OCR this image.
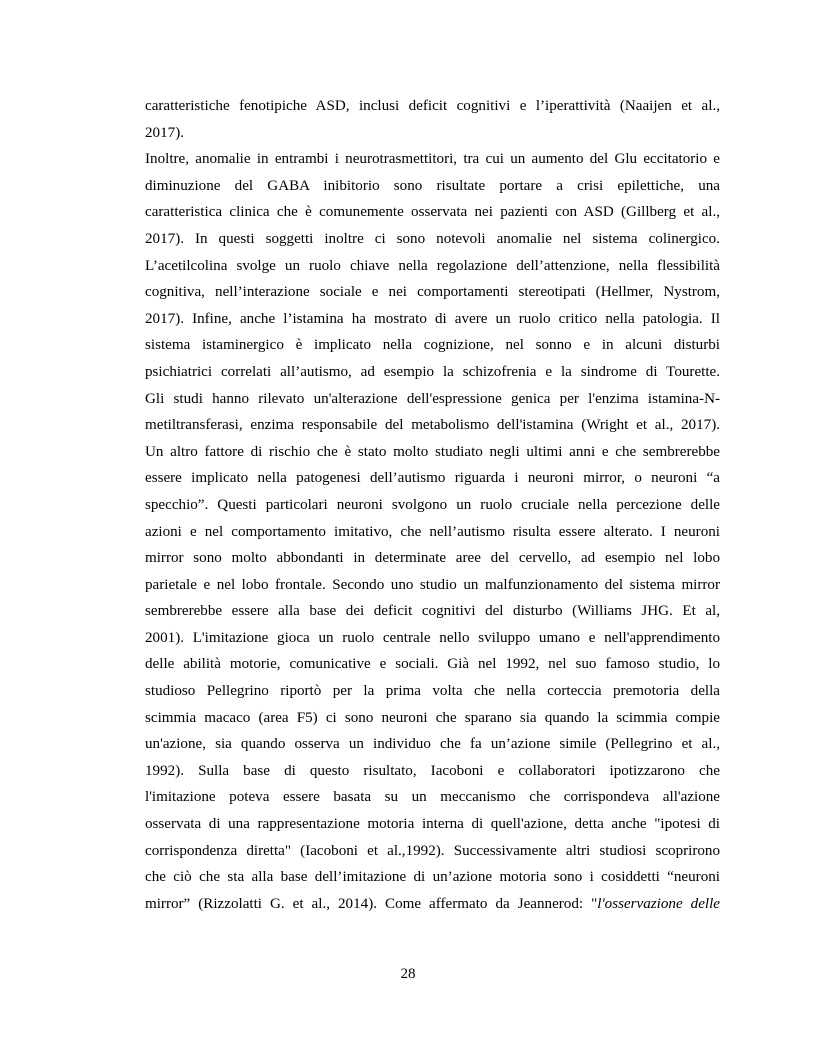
caratteristiche fenotipiche ASD, inclusi deficit cognitivi e l’iperattività (Naaijen et al.,
2017).
Inoltre, anomalie in entrambi i neurotrasmettitori, tra cui un aumento del Glu eccitatorio e
diminuzione del GABA inibitorio sono risultate portare a crisi epilettiche, una
caratteristica clinica che è comunemente osservata nei pazienti con ASD (Gillberg et al.,
2017). In questi soggetti inoltre ci sono notevoli anomalie nel sistema colinergico.
L’acetilcolina svolge un ruolo chiave nella regolazione dell’attenzione, nella flessibilità
cognitiva, nell’interazione sociale e nei comportamenti stereotipati (Hellmer, Nystrom,
2017). Infine, anche l’istamina ha mostrato di avere un ruolo critico nella patologia. Il
sistema istaminergico è implicato nella cognizione, nel sonno e in alcuni disturbi
psichiatrici correlati all’autismo, ad esempio la schizofrenia e la sindrome di Tourette.
Gli studi hanno rilevato un'alterazione dell'espressione genica per l'enzima istamina-N-
metiltransferasi, enzima responsabile del metabolismo dell'istamina (Wright et al., 2017).
Un altro fattore di rischio che è stato molto studiato negli ultimi anni e che sembrerebbe
essere implicato nella patogenesi dell’autismo riguarda i neuroni mirror, o neuroni “a
specchio”. Questi particolari neuroni svolgono un ruolo cruciale nella percezione delle
azioni e nel comportamento imitativo, che nell’autismo risulta essere alterato. I neuroni
mirror sono molto abbondanti in determinate aree del cervello, ad esempio nel lobo
parietale e nel lobo frontale. Secondo uno studio un malfunzionamento del sistema mirror
sembrerebbe essere alla base dei deficit cognitivi del disturbo (Williams JHG. Et al,
2001). L'imitazione gioca un ruolo centrale nello sviluppo umano e nell'apprendimento
delle abilità motorie, comunicative e sociali. Già nel 1992, nel suo famoso studio, lo
studioso Pellegrino riportò per la prima volta che nella corteccia premotoria della
scimmia macaco (area F5) ci sono neuroni che sparano sia quando la scimmia compie
un'azione, sia quando osserva un individuo che fa un’azione simile (Pellegrino et al.,
1992). Sulla base di questo risultato, Iacoboni e collaboratori ipotizzarono che
l'imitazione poteva essere basata su un meccanismo che corrispondeva all'azione
osservata di una rappresentazione motoria interna di quell'azione, detta anche "ipotesi di
corrispondenza diretta" (Iacoboni et al.,1992). Successivamente altri studiosi scoprirono
che ciò che sta alla base dell’imitazione di un’azione motoria sono i cosiddetti “neuroni
mirror” (Rizzolatti G. et al., 2014). Come affermato da Jeannerod: "l'osservazione delle
28
